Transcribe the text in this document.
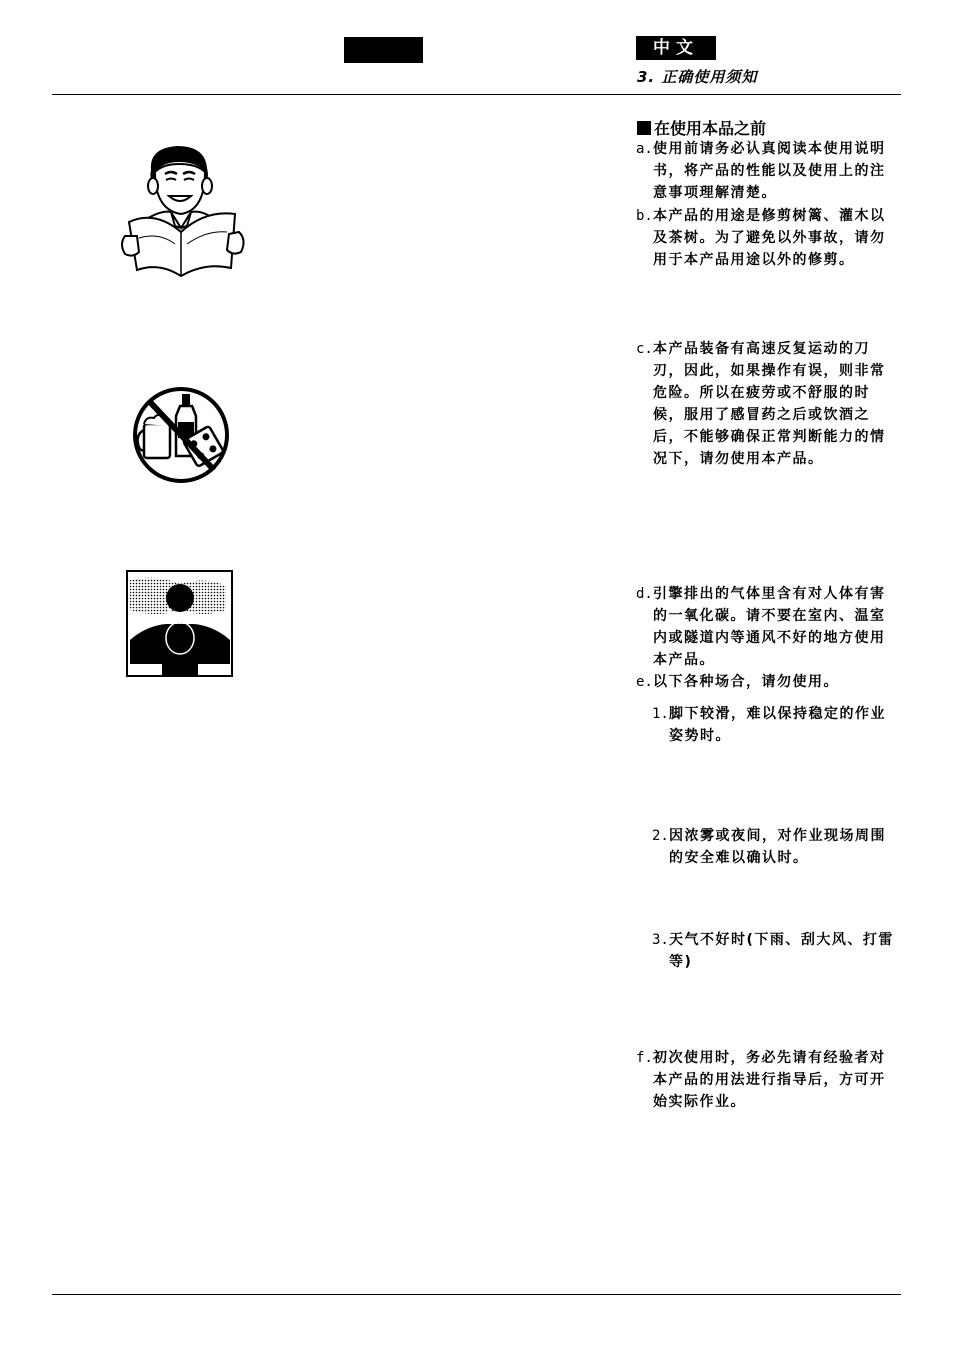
中文
3. 正确使用须知
在使用本品之前
a. 使用前请务必认真阅读本使用说明书，将产品的性能以及使用上的注意事项理解清楚。
b. 本产品的用途是修剪树篱、灌木以及茶树。为了避免以外事故，请勿用于本产品用途以外的修剪。
c. 本产品装备有高速反复运动的刀刃，因此，如果操作有误，则非常危险。所以在疲劳或不舒服的时候，服用了感冒药之后或饮酒之后，不能够确保正常判断能力的情况下，请勿使用本产品。
d. 引擎排出的气体里含有对人体有害的一氧化碳。请不要在室内、温室内或隧道内等通风不好的地方使用本产品。
e. 以下各种场合，请勿使用。
1. 脚下较滑，难以保持稳定的作业姿势时。
2. 因浓雾或夜间，对作业现场周围的安全难以确认时。
3. 天气不好时(下雨、刮大风、打雷等)
f. 初次使用时，务必先请有经验者对本产品的用法进行指导后，方可开始实际作业。
